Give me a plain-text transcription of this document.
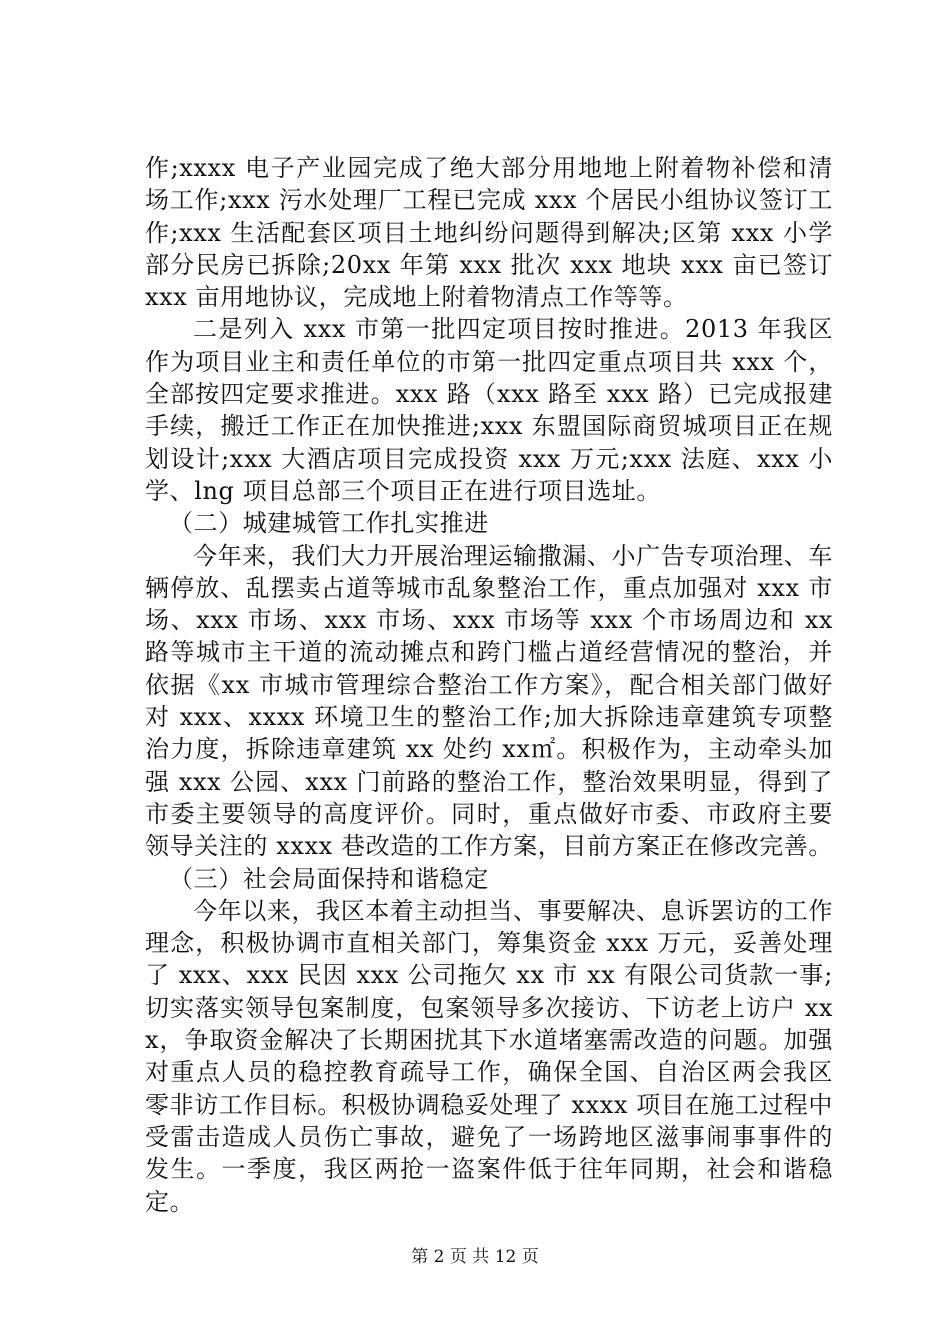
作;xxxx 电子产业园完成了绝大部分用地地上附着物补偿和清场工作;xxx 污水处理厂工程已完成 xxx 个居民小组协议签订工作;xxx 生活配套区项目土地纠纷问题得到解决;区第 xxx 小学部分民房已拆除;20xx 年第 xxx 批次 xxx 地块 xxx 亩已签订 xxx 亩用地协议，完成地上附着物清点工作等等。

二是列入 xxx 市第一批四定项目按时推进。2013 年我区作为项目业主和责任单位的市第一批四定重点项目共 xxx 个，全部按四定要求推进。xxx 路（xxx 路至 xxx 路）已完成报建手续，搬迁工作正在加快推进;xxx 东盟国际商贸城项目正在规划设计;xxx 大酒店项目完成投资 xxx 万元;xxx 法庭、xxx 小学、lng 项目总部三个项目正在进行项目选址。

（二）城建城管工作扎实推进

今年来，我们大力开展治理运输撒漏、小广告专项治理、车辆停放、乱摆卖占道等城市乱象整治工作，重点加强对 xxx 市场、xxx 市场、xxx 市场、xxx 市场等 xxx 个市场周边和 xx 路等城市主干道的流动摊点和跨门槛占道经营情况的整治，并依据《xx 市城市管理综合整治工作方案》，配合相关部门做好对 xxx、xxxx 环境卫生的整治工作;加大拆除违章建筑专项整治力度，拆除违章建筑 xx 处约 xx㎡。积极作为，主动牵头加强 xxx 公园、xxx 门前路的整治工作，整治效果明显，得到了市委主要领导的高度评价。同时，重点做好市委、市政府主要领导关注的 xxxx 巷改造的工作方案，目前方案正在修改完善。

（三）社会局面保持和谐稳定

今年以来，我区本着主动担当、事要解决、息诉罢访的工作理念，积极协调市直相关部门，筹集资金 xxx 万元，妥善处理了 xxx、xxx 民因 xxx 公司拖欠 xx 市 xx 有限公司货款一事;切实落实领导包案制度，包案领导多次接访、下访老上访户 xxx，争取资金解决了长期困扰其下水道堵塞需改造的问题。加强对重点人员的稳控教育疏导工作，确保全国、自治区两会我区零非访工作目标。积极协调稳妥处理了 xxxx 项目在施工过程中受雷击造成人员伤亡事故，避免了一场跨地区滋事闹事事件的发生。一季度，我区两抢一盗案件低于往年同期，社会和谐稳定。

第 2 页 共 12 页
